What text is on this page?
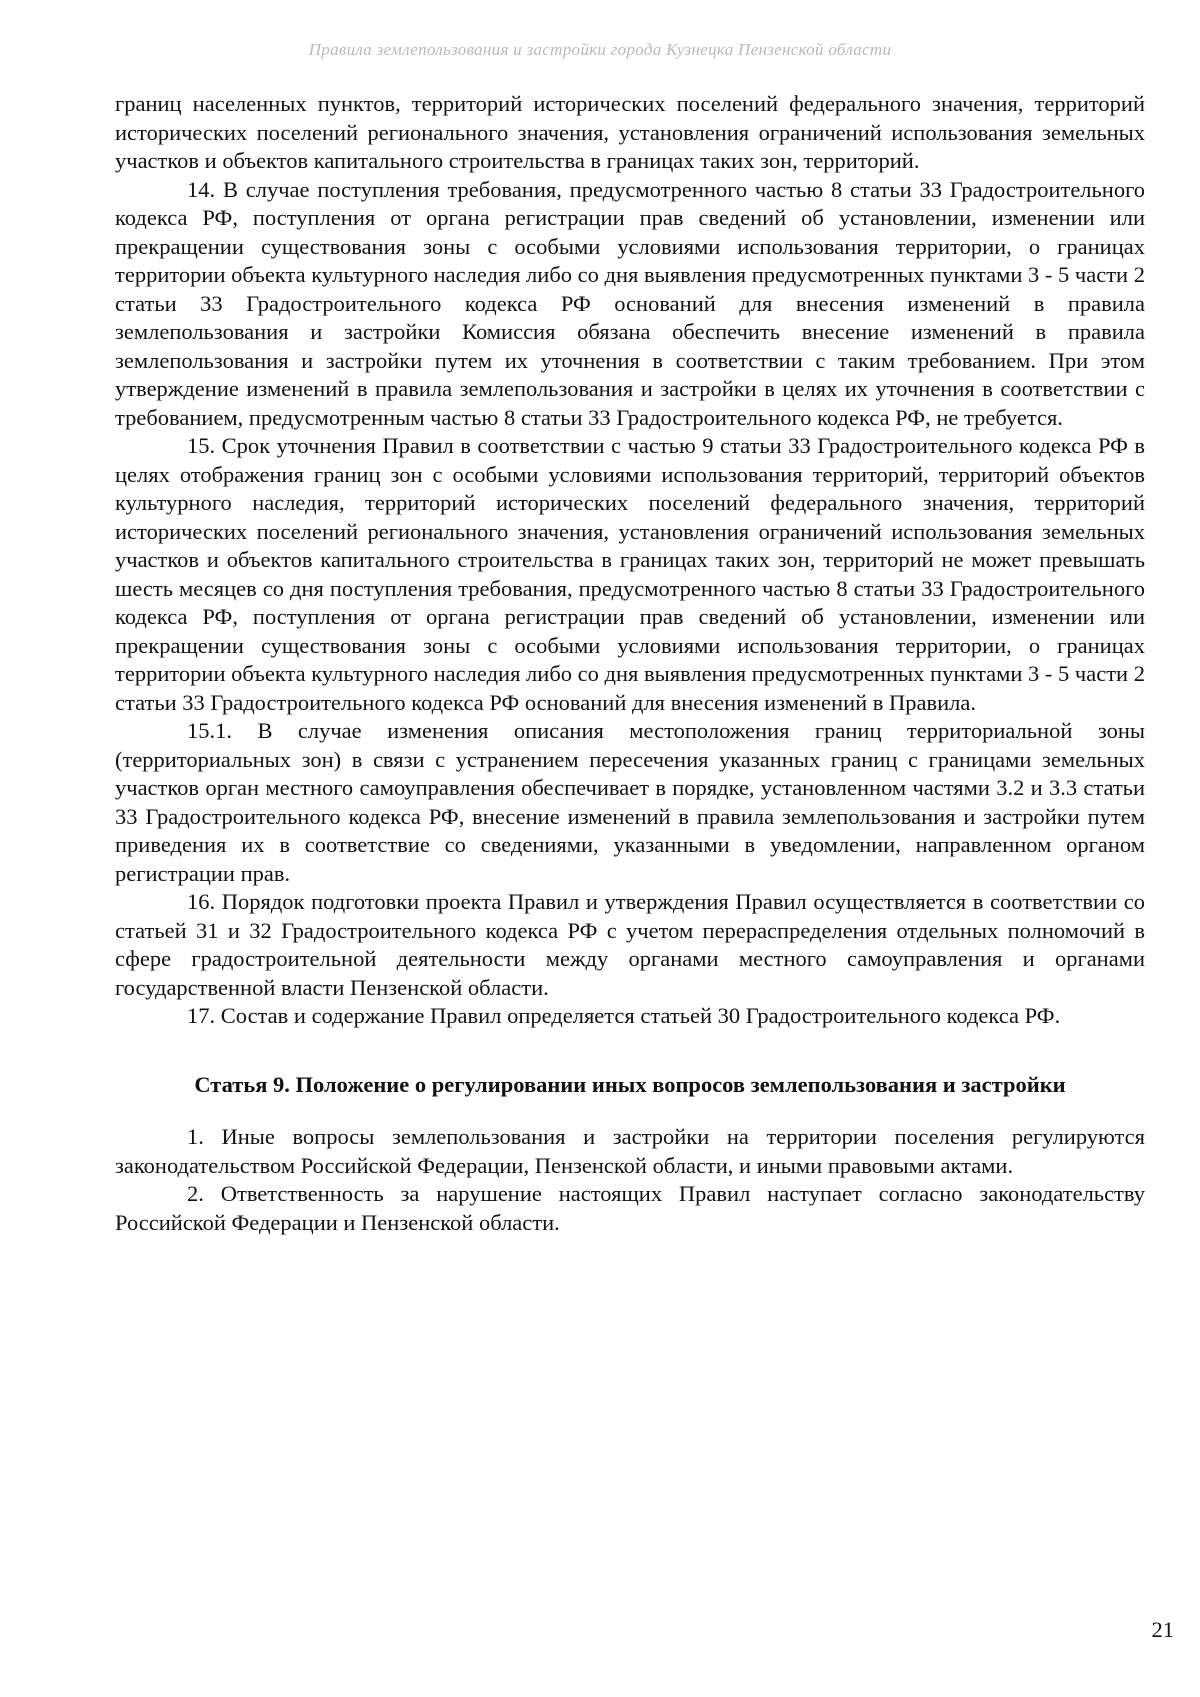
Правила землепользования и застройки города Кузнецка Пензенской области

границ населенных пунктов, территорий исторических поселений федерального значения, территорий исторических поселений регионального значения, установления ограничений использования земельных участков и объектов капитального строительства в границах таких зон, территорий.

14. В случае поступления требования, предусмотренного частью 8 статьи 33 Градостроительного кодекса РФ, поступления от органа регистрации прав сведений об установлении, изменении или прекращении существования зоны с особыми условиями использования территории, о границах территории объекта культурного наследия либо со дня выявления предусмотренных пунктами 3 - 5 части 2 статьи 33 Градостроительного кодекса РФ оснований для внесения изменений в правила землепользования и застройки Комиссия обязана обеспечить внесение изменений в правила землепользования и застройки путем их уточнения в соответствии с таким требованием. При этом утверждение изменений в правила землепользования и застройки в целях их уточнения в соответствии с требованием, предусмотренным частью 8 статьи 33 Градостроительного кодекса РФ, не требуется.

15. Срок уточнения Правил в соответствии с частью 9 статьи 33 Градостроительного кодекса РФ в целях отображения границ зон с особыми условиями использования территорий, территорий объектов культурного наследия, территорий исторических поселений федерального значения, территорий исторических поселений регионального значения, установления ограничений использования земельных участков и объектов капитального строительства в границах таких зон, территорий не может превышать шесть месяцев со дня поступления требования, предусмотренного частью 8 статьи 33 Градостроительного кодекса РФ, поступления от органа регистрации прав сведений об установлении, изменении или прекращении существования зоны с особыми условиями использования территории, о границах территории объекта культурного наследия либо со дня выявления предусмотренных пунктами 3 - 5 части 2 статьи 33 Градостроительного кодекса РФ оснований для внесения изменений в Правила.

15.1. В случае изменения описания местоположения границ территориальной зоны (территориальных зон) в связи с устранением пересечения указанных границ с границами земельных участков орган местного самоуправления обеспечивает в порядке, установленном частями 3.2 и 3.3 статьи 33 Градостроительного кодекса РФ, внесение изменений в правила землепользования и застройки путем приведения их в соответствие со сведениями, указанными в уведомлении, направленном органом регистрации прав.

16. Порядок подготовки проекта Правил и утверждения Правил осуществляется в соответствии со статьей 31 и 32 Градостроительного кодекса РФ с учетом перераспределения отдельных полномочий в сфере градостроительной деятельности между органами местного самоуправления и органами государственной власти Пензенской области.

17. Состав и содержание Правил определяется статьей 30 Градостроительного кодекса РФ.

Статья 9. Положение о регулировании иных вопросов землепользования и застройки

1. Иные вопросы землепользования и застройки на территории поселения регулируются законодательством Российской Федерации, Пензенской области, и иными правовыми актами.

2. Ответственность за нарушение настоящих Правил наступает согласно законодательству Российской Федерации и Пензенской области.

21
